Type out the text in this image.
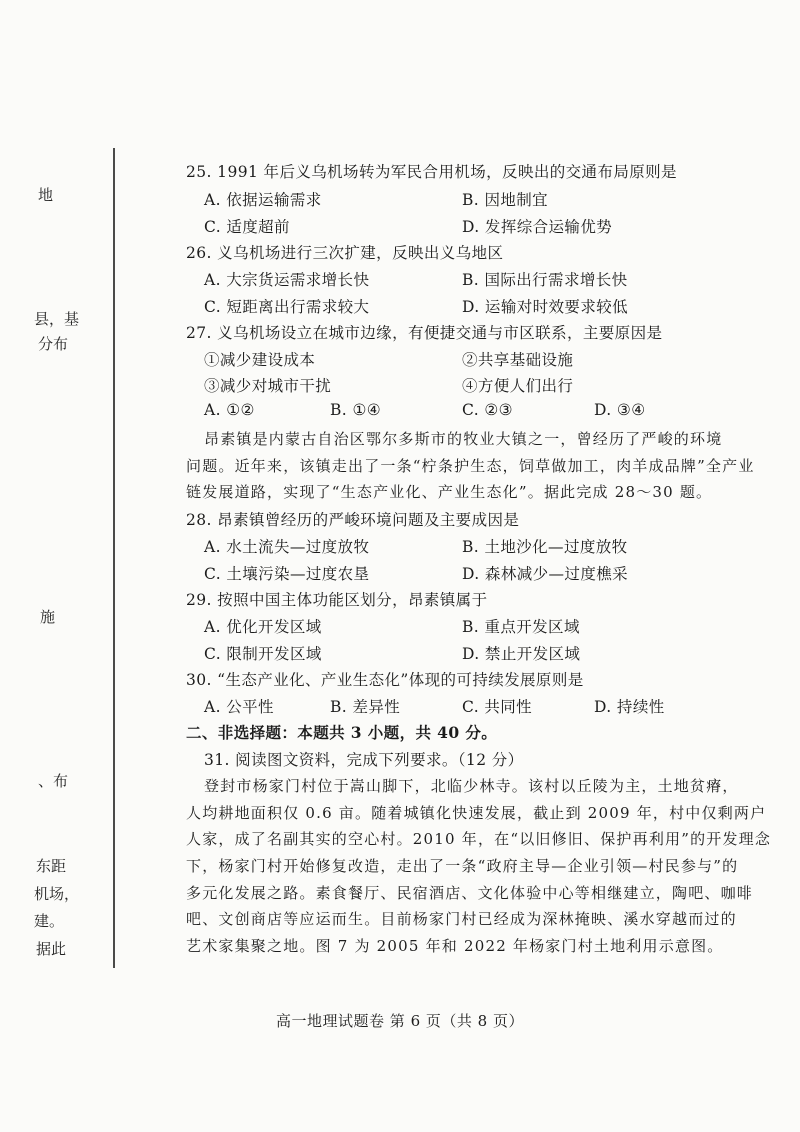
地
县，基
分布
施
、布
东距
机场，
建。
据此
25. 1991 年后义乌机场转为军民合用机场，反映出的交通布局原则是
A. 依据运输需求	B. 因地制宜
C. 适度超前	D. 发挥综合运输优势
26. 义乌机场进行三次扩建，反映出义乌地区
A. 大宗货运需求增长快	B. 国际出行需求增长快
C. 短距离出行需求较大	D. 运输对时效要求较低
27. 义乌机场设立在城市边缘，有便捷交通与市区联系，主要原因是
①减少建设成本	②共享基础设施
③减少对城市干扰	④方便人们出行
A. ①②	B. ①④	C. ②③	D. ③④
昂素镇是内蒙古自治区鄂尔多斯市的牧业大镇之一，曾经历了严峻的环境
问题。近年来，该镇走出了一条“柠条护生态，饲草做加工，肉羊成品牌”全产业
链发展道路，实现了“生态产业化、产业生态化”。据此完成 28～30 题。
28. 昂素镇曾经历的严峻环境问题及主要成因是
A. 水土流失—过度放牧	B. 土地沙化—过度放牧
C. 土壤污染—过度农垦	D. 森林减少—过度樵采
29. 按照中国主体功能区划分，昂素镇属于
A. 优化开发区域	B. 重点开发区域
C. 限制开发区域	D. 禁止开发区域
30. “生态产业化、产业生态化”体现的可持续发展原则是
A. 公平性	B. 差异性	C. 共同性	D. 持续性
二、非选择题：本题共 3 小题，共 40 分。
31. 阅读图文资料，完成下列要求。（12 分）
登封市杨家门村位于嵩山脚下，北临少林寺。该村以丘陵为主，土地贫瘠，
人均耕地面积仅 0.6 亩。随着城镇化快速发展，截止到 2009 年，村中仅剩两户
人家，成了名副其实的空心村。2010 年，在“以旧修旧、保护再利用”的开发理念
下，杨家门村开始修复改造，走出了一条“政府主导—企业引领—村民参与”的
多元化发展之路。素食餐厅、民宿酒店、文化体验中心等相继建立，陶吧、咖啡
吧、文创商店等应运而生。目前杨家门村已经成为深林掩映、溪水穿越而过的
艺术家集聚之地。图 7 为 2005 年和 2022 年杨家门村土地利用示意图。
高一地理试题卷 第 6 页（共 8 页）
